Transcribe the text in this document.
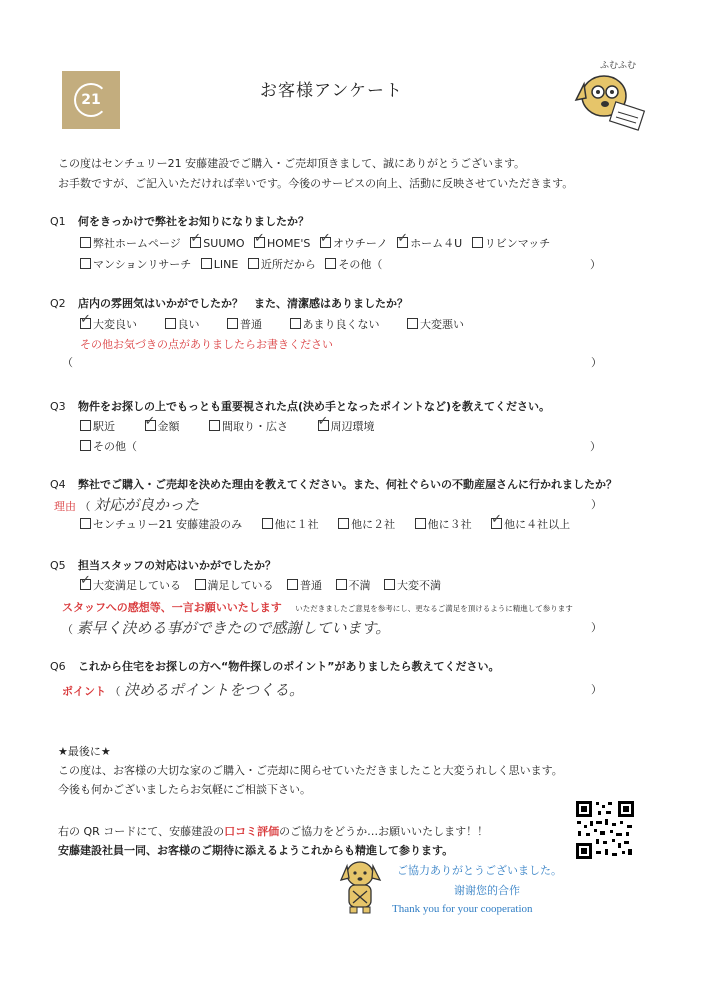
21	お客様アンケート
ふむふむ
この度はセンチュリー21 安藤建設でご購入・ご売却頂きまして、誠にありがとうございます。
お手数ですが、ご記入いただければ幸いです。今後のサービスの向上、活動に反映させていただきます。
Q1 何をきっかけで弊社をお知りになりましたか？
弊社ホームページ ✓ SUUMO ✓ HOME'S ✓ オウチーノ ✓ ホーム４U リビンマッチ
マンションリサーチ LINE 近所だから その他（	）
Q2 店内の雰囲気はいかがでしたか？　また、清潔感はありましたか？
✓大変良い	良い	普通	あまり良くない	大変悪い
その他お気づきの点がありましたらお書きください
（	）
Q3 物件をお探しの上でもっとも重要視された点(決め手となったポイントなど)を教えてください。
駅近 ✓	金額	間取り・広さ ✓	周辺環境
その他（	）
Q4 弊社でご購入・ご売却を決めた理由を教えてください。また、何社ぐらいの不動産屋さんに行かれましたか？
理由 （ 対応が良かった	）
センチュリー21 安藤建設のみ	他に１社	他に２社	他に３社 ✓	他に４社以上
Q5 担当スタッフの対応はいかがでしたか？
✓大変満足している 満足している 普通 不満 大変不満
スタッフへの感想等、一言お願いいたします いただきましたご意見を参考にし、更なるご満足を頂けるように精進して参ります
（ 素早く決める事ができたので感謝しています。	）
Q6 これから住宅をお探しの方へ“物件探しのポイント”がありましたら教えてください。
ポイント （ 決めるポイントをつくる。	）
★最後に★
この度は、お客様の大切な家のご購入・ご売却に関らせていただきましたこと大変うれしく思います。
今後も何かございましたらお気軽にご相談下さい。
右の QR コードにて、安藤建設の口コミ評価のご協力をどうか…お願いいたします！！
安藤建設社員一同、お客様のご期待に添えるようこれからも精進して参ります。
ご協力ありがとうございました。
谢谢您的合作
Thank you for your cooperation
